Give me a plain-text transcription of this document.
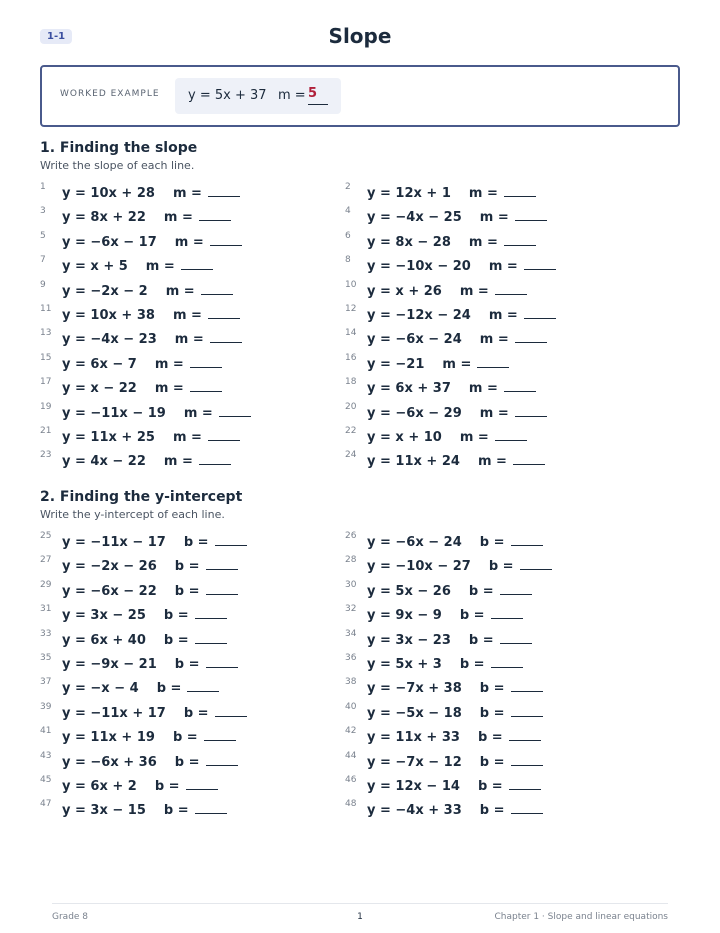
1-1	Slope
WORKED EXAMPLE y = 5x + 37 m = 5
1. Finding the slope
Write the slope of each line.
1 y = 10x + 28 m =	2 y = 12x + 1 m =
3 y = 8x + 22 m =	4 y = −4x − 25 m =
5 y = −6x − 17 m =	6 y = 8x − 28 m =
7 y = x + 5 m =	8 y = −10x − 20 m =
9 y = −2x − 2 m =	10 y = x + 26 m =
11 y = 10x + 38 m =	12 y = −12x − 24 m =
13 y = −4x − 23 m =	14 y = −6x − 24 m =
15 y = 6x − 7 m =	16 y = −21 m =
17 y = x − 22 m =	18 y = 6x + 37 m =
19 y = −11x − 19 m =	20 y = −6x − 29 m =
21 y = 11x + 25 m =	22 y = x + 10 m =
23 y = 4x − 22 m =	24 y = 11x + 24 m =
2. Finding the y-intercept
Write the y-intercept of each line.
25 y = −11x − 17 b =	26 y = −6x − 24 b =
27 y = −2x − 26 b =	28 y = −10x − 27 b =
29 y = −6x − 22 b =	30 y = 5x − 26 b =
31 y = 3x − 25 b =	32 y = 9x − 9 b =
33 y = 6x + 40 b =	34 y = 3x − 23 b =
35 y = −9x − 21 b =	36 y = 5x + 3 b =
37 y = −x − 4 b =	38 y = −7x + 38 b =
39 y = −11x + 17 b =	40 y = −5x − 18 b =
41 y = 11x + 19 b =	42 y = 11x + 33 b =
43 y = −6x + 36 b =	44 y = −7x − 12 b =
45 y = 6x + 2 b =	46 y = 12x − 14 b =
47 y = 3x − 15 b =	48 y = −4x + 33 b =
Grade 8	1	Chapter 1 · Slope and linear equations
